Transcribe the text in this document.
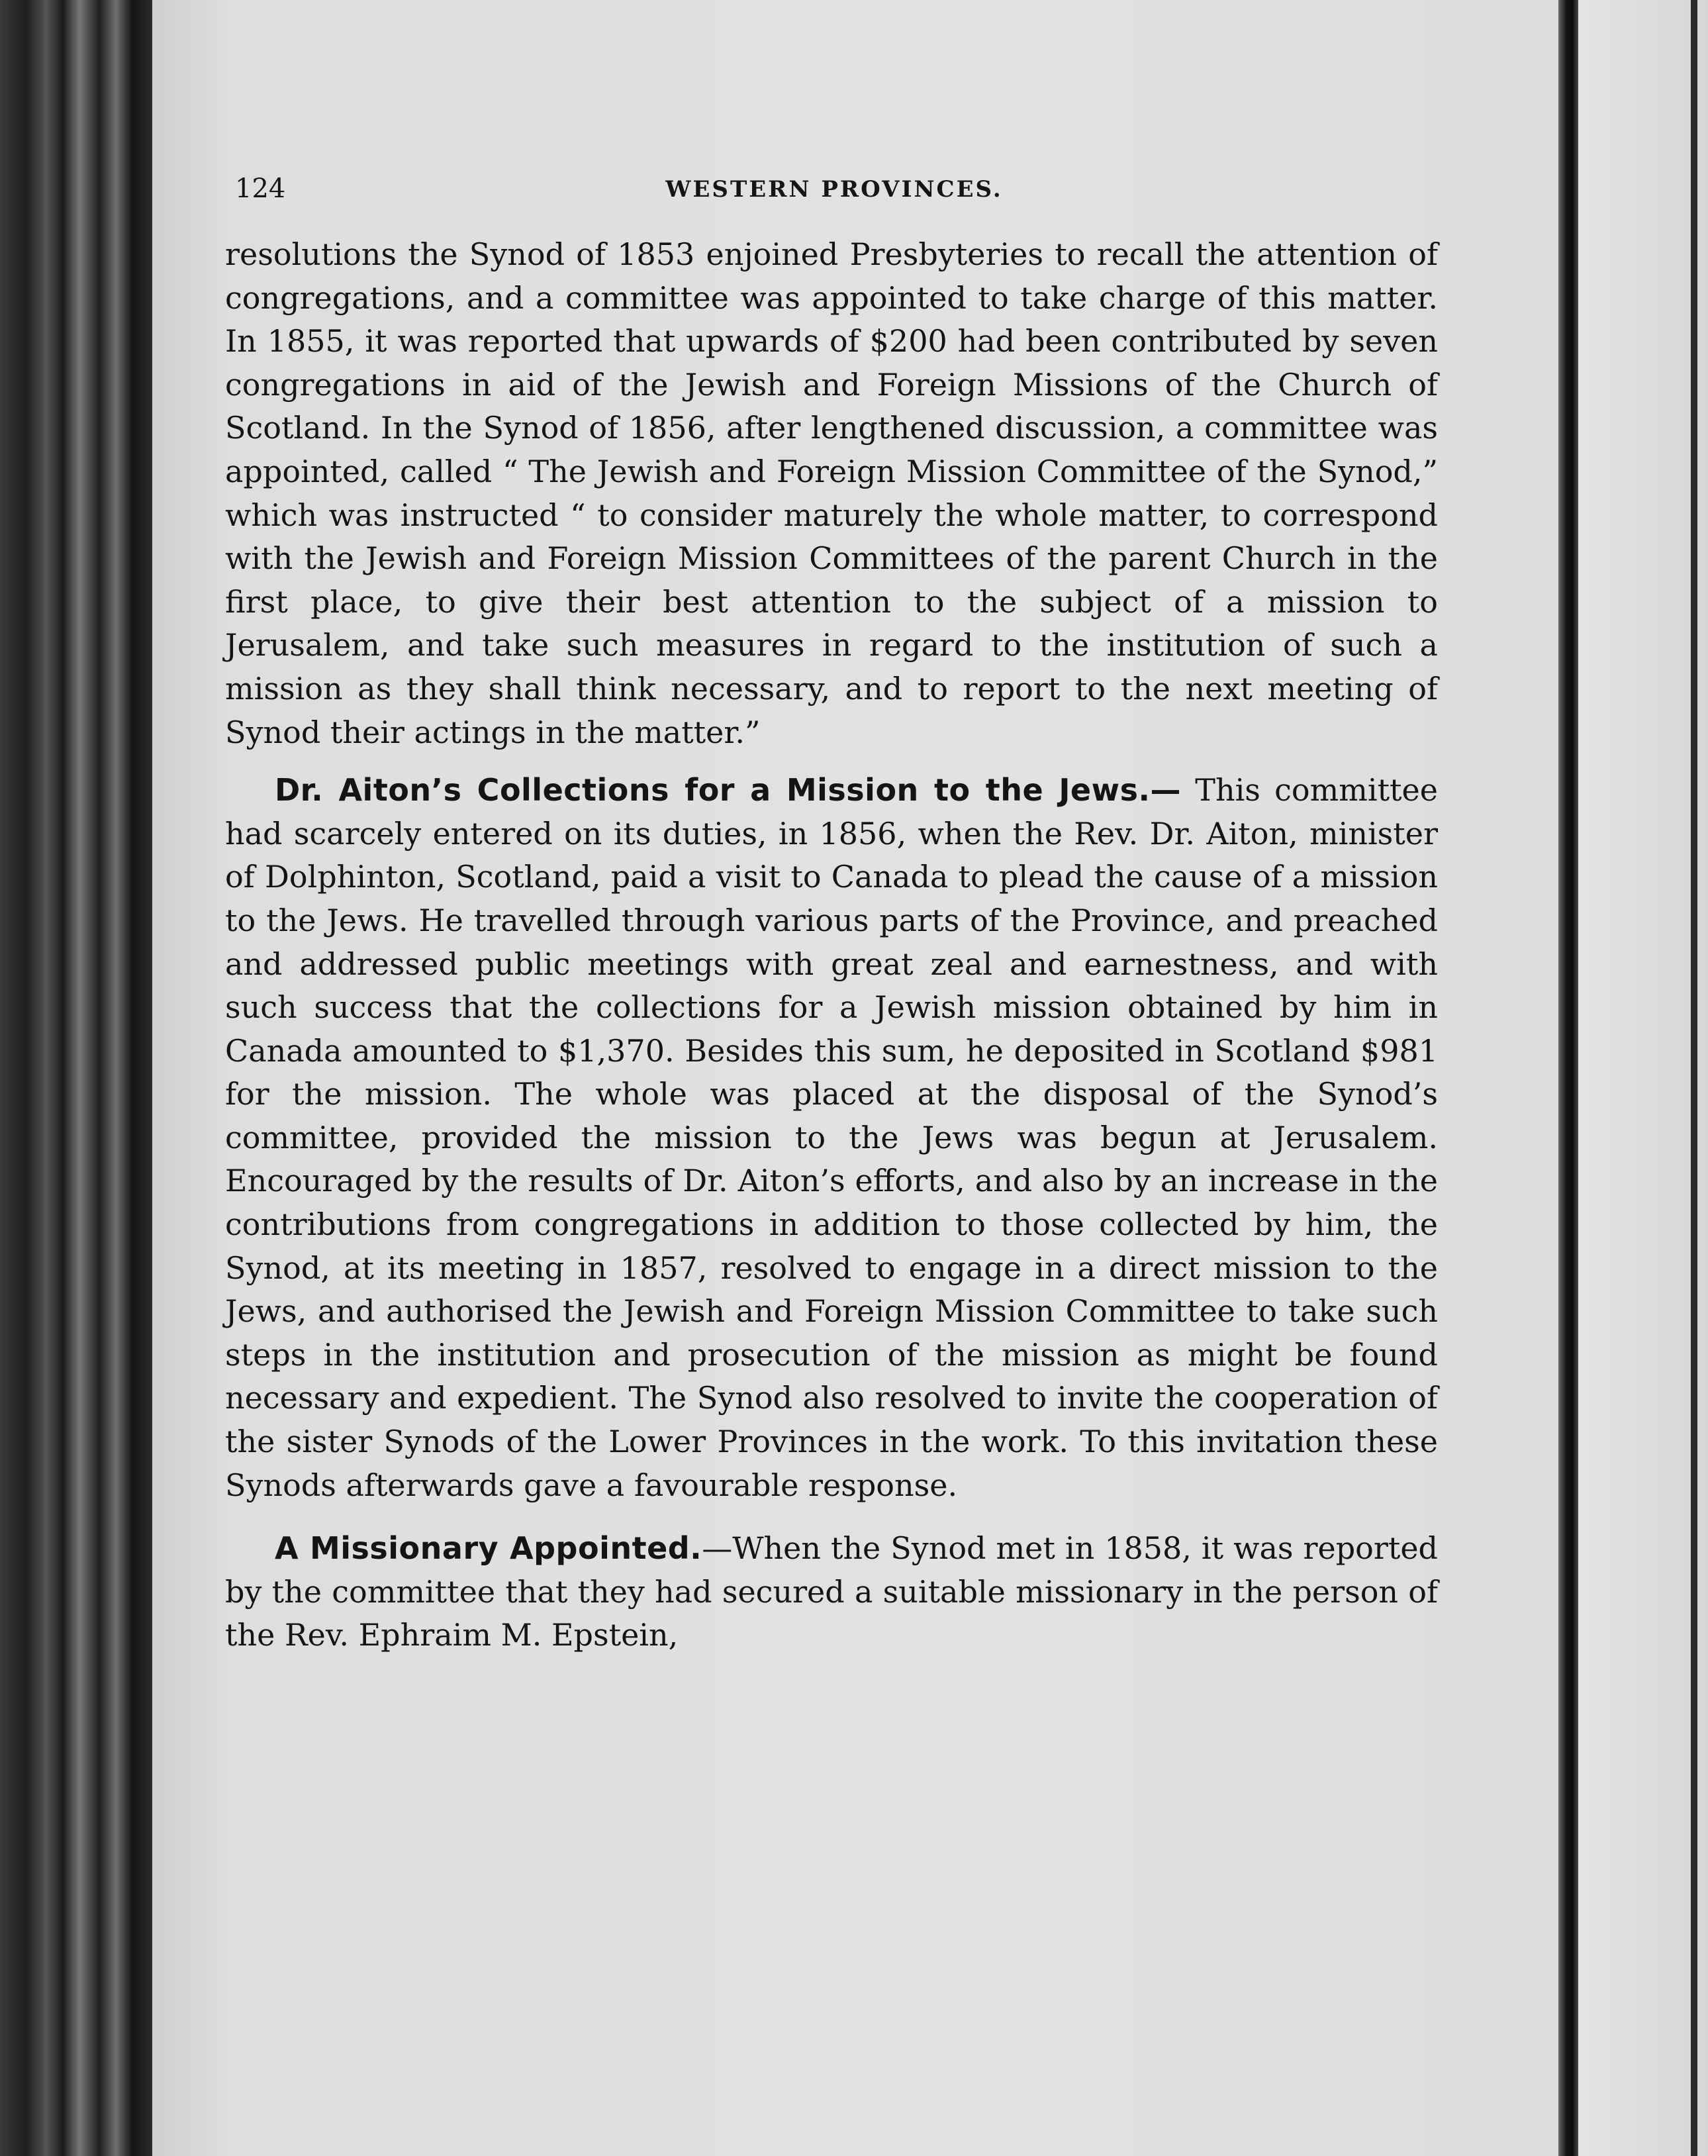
124	WESTERN PROVINCES.

resolutions the Synod of 1853 enjoined Presbyteries to recall the attention of congregations, and a committee was appointed to take charge of this matter. In 1855, it was reported that upwards of $200 had been contributed by seven congregations in aid of the Jewish and Foreign Missions of the Church of Scotland. In the Synod of 1856, after lengthened discussion, a committee was appointed, called “ The Jewish and Foreign Mission Committee of the Synod,” which was instructed “ to consider maturely the whole matter, to correspond with the Jewish and Foreign Mission Committees of the parent Church in the first place, to give their best attention to the subject of a mission to Jerusalem, and take such measures in regard to the institution of such a mission as they shall think necessary, and to report to the next meeting of Synod their actings in the matter.”

Dr. Aiton’s Collections for a Mission to the Jews.— This committee had scarcely entered on its duties, in 1856, when the Rev. Dr. Aiton, minister of Dolphinton, Scotland, paid a visit to Canada to plead the cause of a mission to the Jews. He travelled through various parts of the Province, and preached and addressed public meetings with great zeal and earnestness, and with such success that the collections for a Jewish mission obtained by him in Canada amounted to $1,370. Besides this sum, he deposited in Scotland $981 for the mission. The whole was placed at the disposal of the Synod’s committee, provided the mission to the Jews was begun at Jerusalem. Encouraged by the results of Dr. Aiton’s efforts, and also by an increase in the contributions from congregations in addition to those collected by him, the Synod, at its meeting in 1857, resolved to engage in a direct mission to the Jews, and authorised the Jewish and Foreign Mission Committee to take such steps in the institution and prosecution of the mission as might be found necessary and expedient. The Synod also resolved to invite the cooperation of the sister Synods of the Lower Provinces in the work. To this invitation these Synods afterwards gave a favourable response.

A Missionary Appointed.—When the Synod met in 1858, it was reported by the committee that they had secured a suitable missionary in the person of the Rev. Ephraim M. Epstein,
